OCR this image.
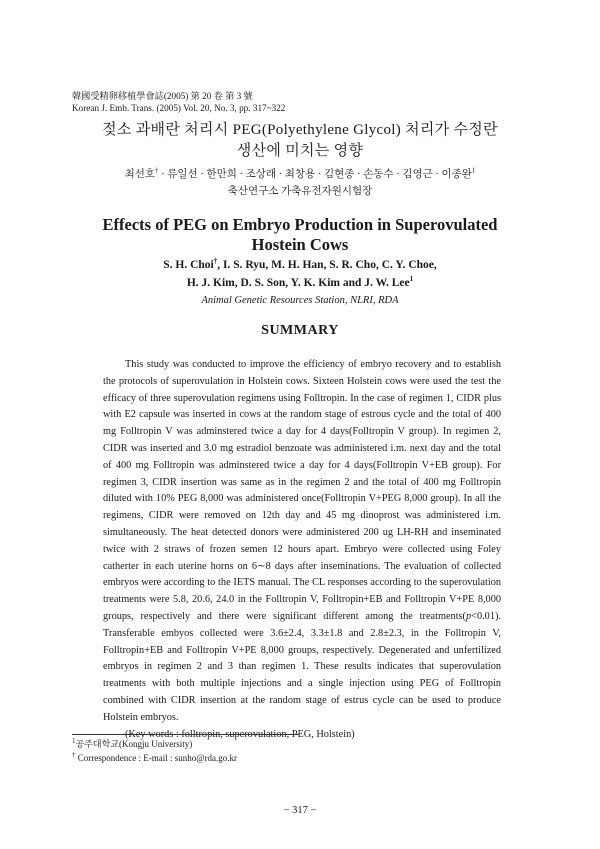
韓國受精卵移植學會誌(2005) 第 20 卷 第 3 號
Korean J. Emb. Trans. (2005) Vol. 20, No. 3, pp. 317~322
젖소 과배란 처리시 PEG(Polyethylene Glycol) 처리가 수정란
생산에 미치는 영향
최선호† · 류일선 · 한만희 · 조상래 · 최창용 · 김현종 · 손동수 · 김영근 · 이종완$^1$
축산연구소 가축유전자원시험장
Effects of PEG on Embryo Production in Superovulated
Hostein Cows
S. H. Choi†, I. S. Ryu, M. H. Han, S. R. Cho, C. Y. Choe,
H. J. Kim, D. S. Son, Y. K. Kim and J. W. Lee$^1$
Animal Genetic Resources Station, NLRI, RDA
SUMMARY

This study was conducted to improve the efficiency of embryo recovery and to establish the protocols of superovulation in Holstein cows. Sixteen Holstein cows were used the test the efficacy of three superovulation regimens using Folltropin. In the case of regimen 1, CIDR plus with E2 capsule was inserted in cows at the random stage of estrous cycle and the total of 400 mg Folltropin V was adminstered twice a day for 4 days(Folltropin V group). In regimen 2, CIDR was inserted and 3.0 mg estradiol benzoate was administered i.m. next day and the total of 400 mg Folltropin was adminstered twice a day for 4 days(Folltropin V+EB group). For regimen 3, CIDR insertion was same as in the regimen 2 and the total of 400 mg Folltropin diluted with 10% PEG 8,000 was administered once(Folltropin V+PEG 8,000 group). In all the regimens, CIDR were removed on 12th day and 45 mg dinoprost was administered i.m. simultaneously. The heat detected donors were administered 200 ug LH-RH and inseminated twice with 2 straws of frozen semen 12 hours apart. Embryo were collected using Foley catherter in each uterine horns on 6∼8 days after inseminations. The evaluation of collected embryos were according to the IETS manual. The CL responses according to the superovulation treatments were 5.8, 20.6, 24.0 in the Folltropin V, Folltropin+EB and Folltropin V+PE 8,000 groups, respectively and there were significant different among the treatments(p<0.01). Transferable embyos collected were 3.6±2.4, 3.3±1.8 and 2.8±2.3, in the Folltropin V, Folltropin+EB and Folltropin V+PE 8,000 groups, respectively. Degenerated and unfertilized embryos in regimen 2 and 3 than regimen 1. These results indicates that superovulation treatments with both multiple injections and a single injection using PEG of Folltropin combined with CIDR insertion at the random stage of estrus cycle can be used to produce Holstein embryos.

(Key words : folltropin, superovulation, PEG, Holstein)

$^1$공주대학교(Kongju University)
† Correspondence : E-mail : sunho@rda.go.kr
− 317 −
